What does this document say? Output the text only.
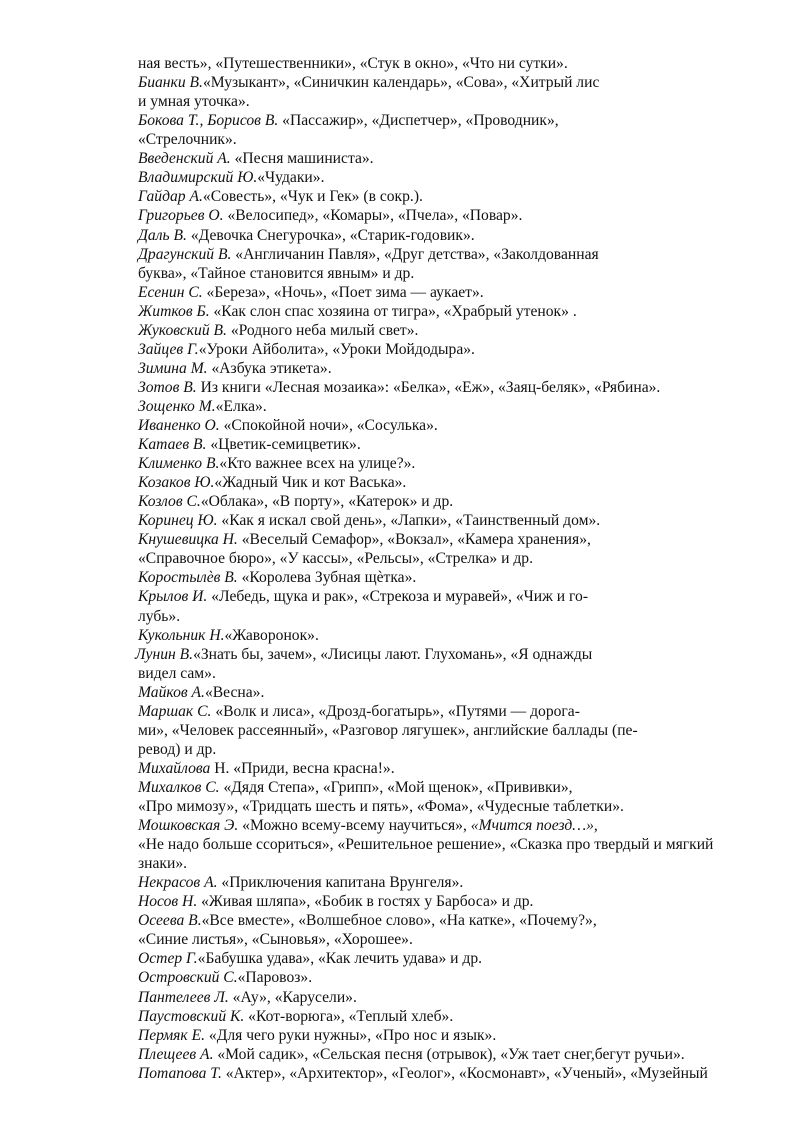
ная весть», «Путешественники», «Стук в окно», «Что ни сутки».
Бианки В.«Музыкант», «Синичкин календарь», «Сова», «Хитрый лис
и умная уточка».
Бокова Т., Борисов В. «Пассажир», «Диспетчер», «Проводник»,
«Стрелочник».
Введенский А. «Песня машиниста».
Владимирский Ю.«Чудаки».
Гайдар А.«Совесть», «Чук и Гек» (в сокр.).
Григорьев О. «Велосипед», «Комары», «Пчела», «Повар».
Даль В. «Девочка Снегурочка», «Старик-годовик».
Драгунский В. «Англичанин Павля», «Друг детства», «Заколдованная
буква», «Тайное становится явным» и др.
Есенин С. «Береза», «Ночь», «Поет зима — аукает».
Житков Б. «Как слон спас хозяина от тигра», «Храбрый утенок» .
Жуковский В. «Родного неба милый свет».
Зайцев Г.«Уроки Айболита», «Уроки Мойдодыра».
Зимина М. «Азбука этикета».
Зотов В. Из книги «Лесная мозаика»: «Белка», «Еж», «Заяц-беляк», «Рябина».
Зощенко М.«Елка».
Иваненко О. «Спокойной ночи», «Сосулька».
Катаев В. «Цветик-семицветик».
Клименко В.«Кто важнее всех на улице?».
Козаков Ю.«Жадный Чик и кот Васька».
Козлов С.«Облака», «В порту», «Катерок» и др.
Коринец Ю. «Как я искал свой день», «Лапки», «Таинственный дом».
Кнушевицка Н. «Веселый Семафор», «Вокзал», «Камера хранения»,
«Справочное бюро», «У кассы», «Рельсы», «Стрелка» и др.
Коростылѐв В. «Королева Зубная щѐтка».
Крылов И. «Лебедь, щука и рак», «Стрекоза и муравей», «Чиж и го-
лубь».
Кукольник Н.«Жаворонок».
Лунин В.«Знать бы, зачем», «Лисицы лают. Глухомань», «Я однажды
видел сам».
Майков А.«Весна».
Маршак С. «Волк и лиса», «Дрозд-богатырь», «Путями — дорога-
ми», «Человек рассеянный», «Разговор лягушек», английские баллады (пе-
ревод) и др.
Михайлова Н. «Приди, весна красна!».
Михалков С. «Дядя Степа», «Грипп», «Мой щенок», «Прививки»,
«Про мимозу», «Тридцать шесть и пять», «Фома», «Чудесные таблетки».
Мошковская Э. «Можно всему-всему научиться», «Мчится поезд…»,
«Не надо больше ссориться», «Решительное решение», «Сказка про твердый и мягкий
знаки».
Некрасов А. «Приключения капитана Врунгеля».
Носов Н. «Живая шляпа», «Бобик в гостях у Барбоса» и др.
Осеева В.«Все вместе», «Волшебное слово», «На катке», «Почему?»,
«Синие листья», «Сыновья», «Хорошее».
Остер Г.«Бабушка удава», «Как лечить удава» и др.
Островский С.«Паровоз».
Пантелеев Л. «Ау», «Карусели».
Паустовский К. «Кот-ворюга», «Теплый хлеб».
Пермяк Е. «Для чего руки нужны», «Про нос и язык».
Плещеев А. «Мой садик», «Сельская песня (отрывок), «Уж тает снег,бегут ручьи».
Потапова Т. «Актер», «Архитектор», «Геолог», «Космонавт», «Ученый», «Музейный
